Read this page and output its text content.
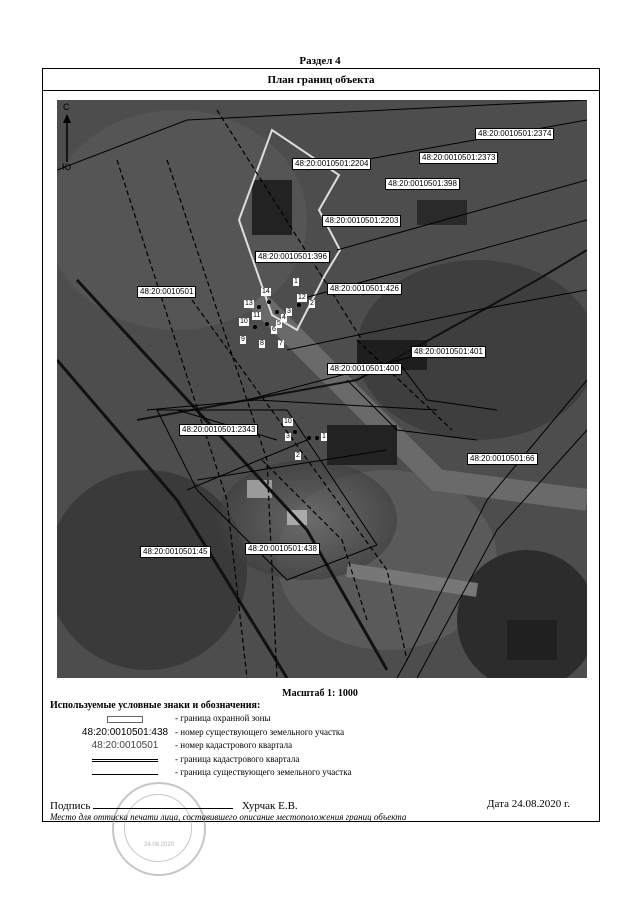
Раздел 4
План границ объекта
48:20:0010501:2374
48:20:0010501:2204
48:20:0010501:2373
48:20:0010501:398
48:20:0010501:2203
48:20:0010501:396
48:20:0010501	48:20:0010501:426
48:20:0010501:401
48:20:0010501:400
48:20:0010501:2343
48:20:0010501:66
48:20:0010501:45	48:20:0010501:438
13
14
1
2
3
4
5
6
7
8
9
10
11
12
10
3
2
1
С
Ю
Масштаб 1: 1000
Используемые условные знаки и обозначения:
- граница охранной зоны
48:20:0010501:438 - номер существующего земельного участка
48:20:0010501	- номер кадастрового квартала
- граница кадастрового квартала
- граница существующего земельного участка
24.08.2020
Подпись	Хурчак Е.В.	Дата 24.08.2020 г.
Место для оттиска печати лица, составившего описание местоположения границ объекта
